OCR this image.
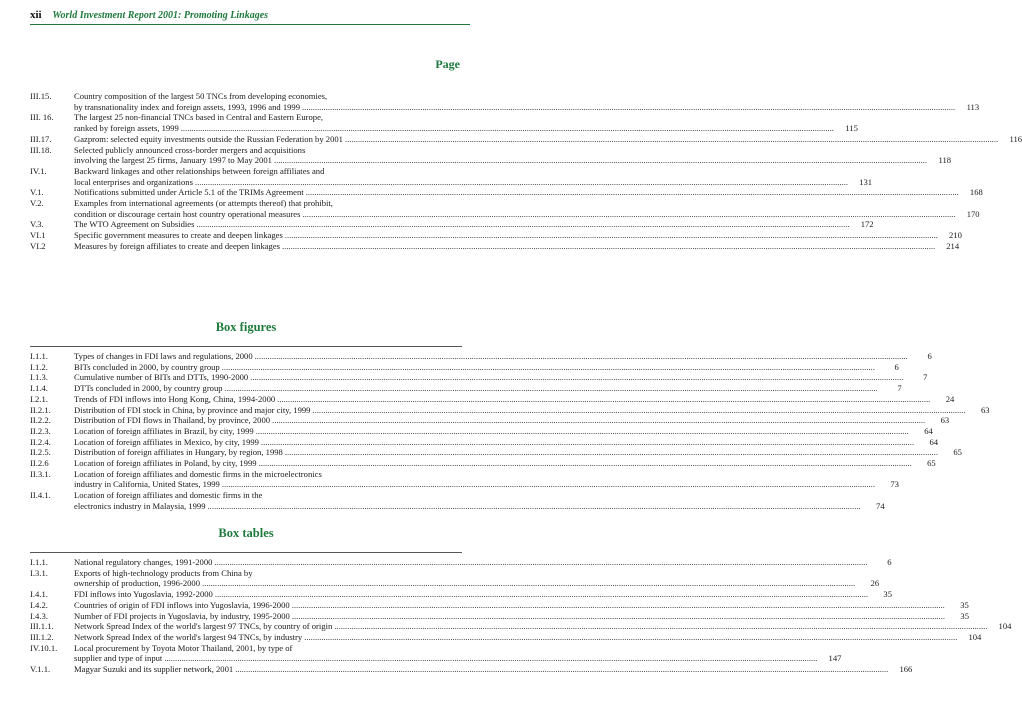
xii World Investment Report 2001: Promoting Linkages
Page
III.15.	Country composition of the largest 50 TNCs from developing economies,
by transnationality index and foreign assets, 1993, 1996 and 1999 .....	113
III. 16.	The largest 25 non-financial TNCs based in Central and Eastern Europe,
ranked by foreign assets, 1999 .....	115
III.17.	Gazprom: selected equity investments outside the Russian Federation by 2001 .....	116
III.18.	Selected publicly announced cross-border mergers and acquisitions
involving the largest 25 firms, January 1997 to May 2001 .....	118
IV.1.	Backward linkages and other relationships between foreign affiliates and
local enterprises and organizations .....	131
V.1.	Notifications submitted under Article 5.1 of the TRIMs Agreement .....	168
V.2.	Examples from international agreements (or attempts thereof) that prohibit,
condition or discourage certain host country operational measures .....	170
V.3.	The WTO Agreement on Subsidies .....	172
VI.1	Specific government measures to create and deepen linkages .....	210
VI.2	Measures by foreign affiliates to create and deepen linkages .....	214
Box figures
I.1.1.	Types of changes in FDI laws and regulations, 2000 .....	6
I.1.2.	BITs concluded in 2000, by country group .....	6
I.1.3.	Cumulative number of BITs and DTTs, 1990-2000 .....	7
I.1.4.	DTTs concluded in 2000, by country group .....	7
I.2.1.	Trends of FDI inflows into Hong Kong, China, 1994-2000 .....	24
II.2.1.	Distribution of FDI stock in China, by province and major city, 1999 .....	63
II.2.2.	Distribution of FDI flows in Thailand, by province, 2000 .....	63
II.2.3.	Location of foreign affiliates in Brazil, by city, 1999 .....	64
II.2.4.	Location of foreign affiliates in Mexico, by city, 1999 .....	64
II.2.5.	Distribution of foreign affiliates in Hungary, by region, 1998 .....	65
II.2.6	Location of foreign affiliates in Poland, by city, 1999 .....	65
II.3.1.	Location of foreign affiliates and domestic firms in the microelectronics
industry in California, United States, 1999 .....	73
II.4.1.	Location of foreign affiliates and domestic firms in the
electronics industry in Malaysia, 1999 .....	74
Box tables
I.1.1.	National regulatory changes, 1991-2000 .....	6
I.3.1.	Exports of high-technology products from China by
ownership of production, 1996-2000 .....	26
I.4.1.	FDI inflows into Yugoslavia, 1992-2000 .....	35
I.4.2.	Countries of origin of FDI inflows into Yugoslavia, 1996-2000 .....	35
I.4.3.	Number of FDI projects in Yugoslavia, by industry, 1995-2000 .....	35
III.1.1.	Network Spread Index of the world's largest 97 TNCs, by country of origin .....	104
III.1.2.	Network Spread Index of the world's largest 94 TNCs, by industry .....	104
IV.10.1.	Local procurement by Toyota Motor Thailand, 2001, by type of
supplier and type of input .....	147
V.1.1.	Magyar Suzuki and its supplier network, 2001 .....	166
